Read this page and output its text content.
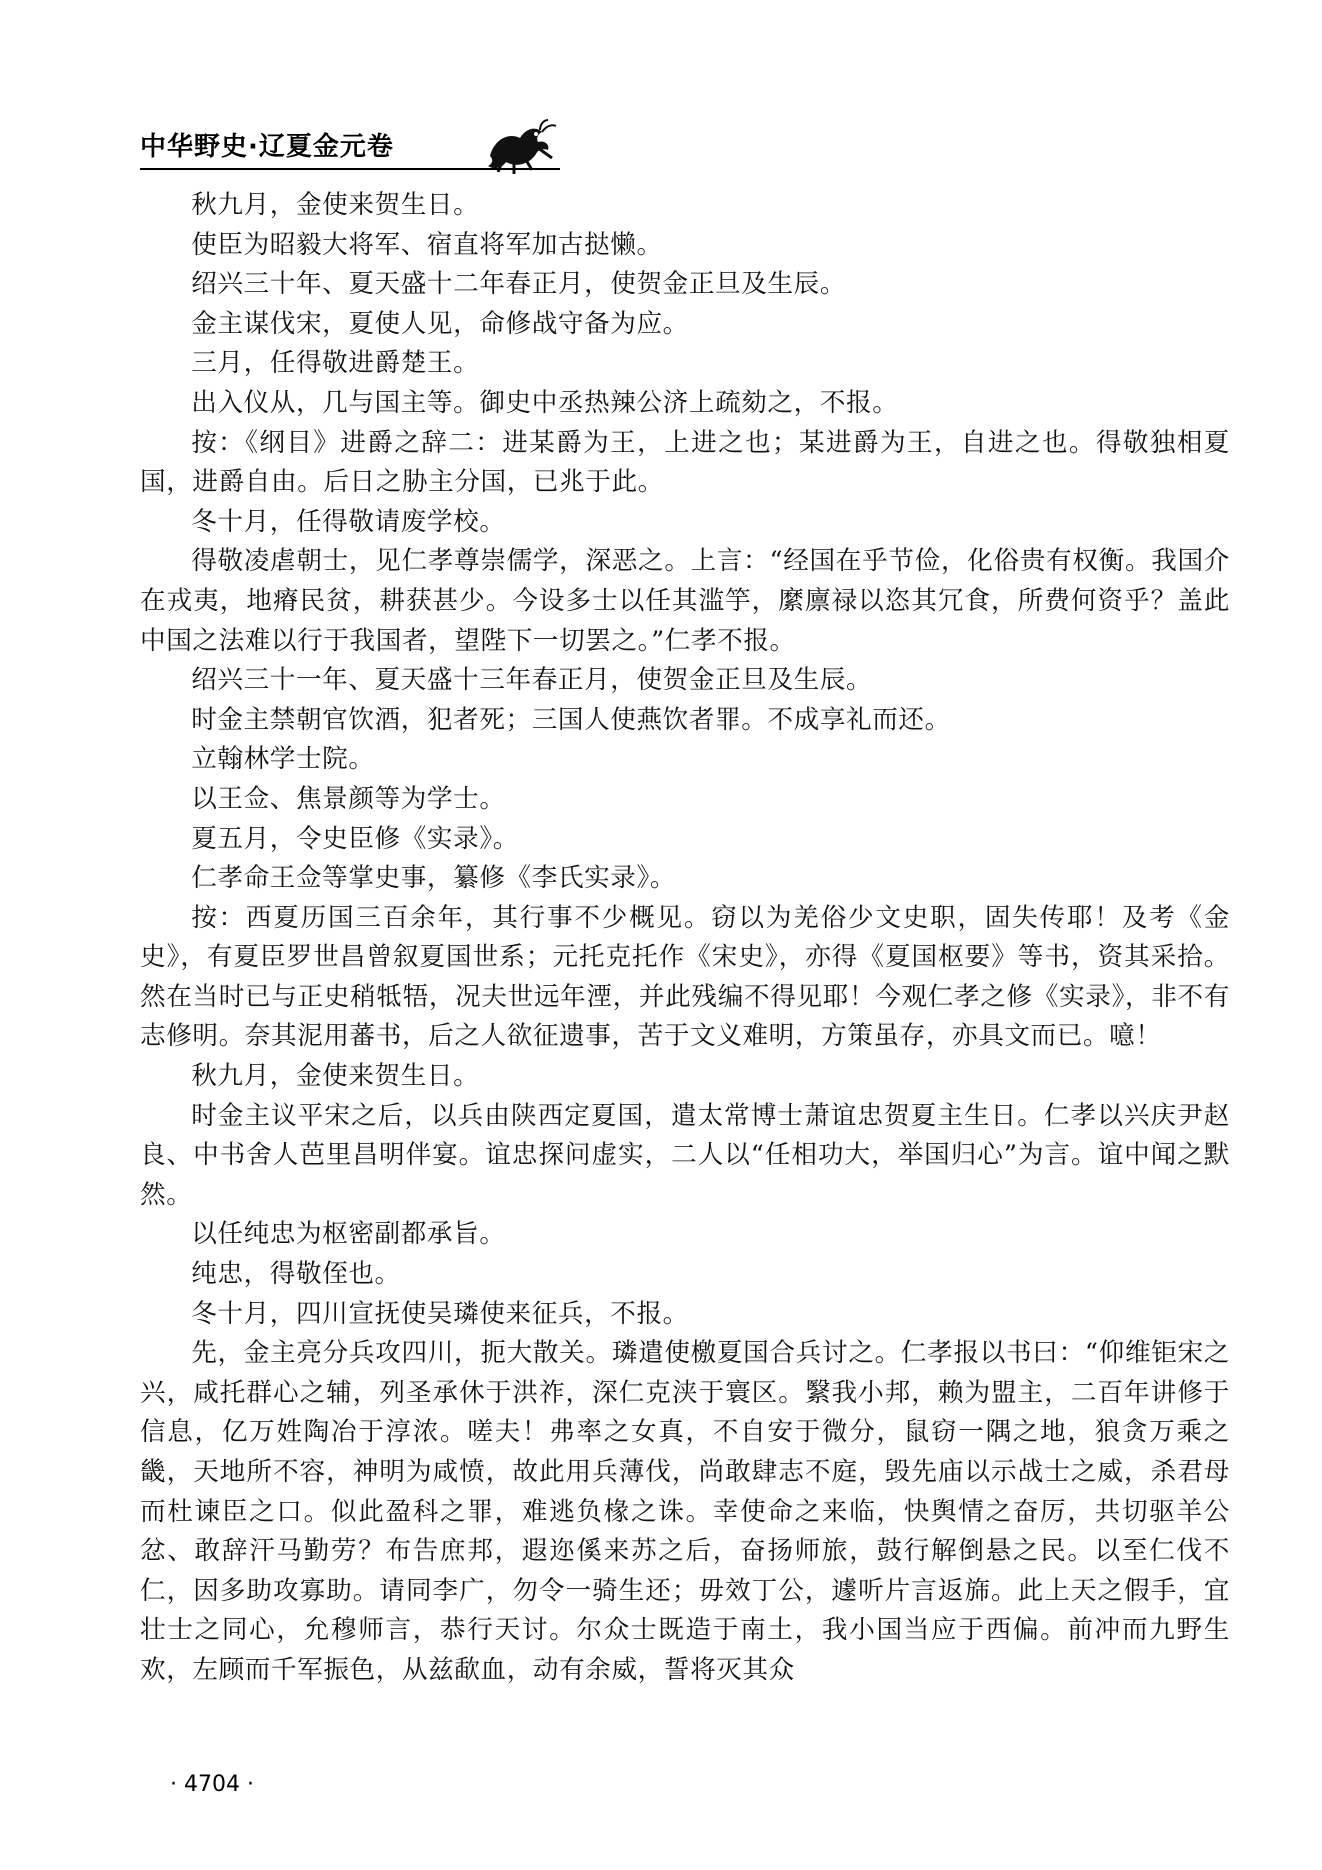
中华野史·辽夏金元卷

秋九月，金使来贺生日。

使臣为昭毅大将军、宿直将军加古挞懒。

绍兴三十年、夏天盛十二年春正月，使贺金正旦及生辰。

金主谋伐宋，夏使人见，命修战守备为应。

三月，任得敬进爵楚王。

出入仪从，几与国主等。御史中丞热辣公济上疏劾之，不报。

按：《纲目》进爵之辞二：进某爵为王，上进之也；某进爵为王，自进之也。得敬独相夏国，进爵自由。后日之胁主分国，已兆于此。

冬十月，任得敬请废学校。

得敬凌虐朝士，见仁孝尊崇儒学，深恶之。上言：“经国在乎节俭，化俗贵有权衡。我国介在戎夷，地瘠民贫，耕获甚少。今设多士以任其滥竽，縻廪禄以恣其冗食，所费何资乎？盖此中国之法难以行于我国者，望陛下一切罢之。”仁孝不报。

绍兴三十一年、夏天盛十三年春正月，使贺金正旦及生辰。

时金主禁朝官饮酒，犯者死；三国人使燕饮者罪。不成享礼而还。

立翰林学士院。

以王佥、焦景颜等为学士。

夏五月，令史臣修《实录》。

仁孝命王佥等掌史事，纂修《李氏实录》。

按：西夏历国三百余年，其行事不少概见。窃以为羌俗少文史职，固失传耶！及考《金史》，有夏臣罗世昌曾叙夏国世系；元托克托作《宋史》，亦得《夏国枢要》等书，资其采拾。然在当时已与正史稍牴牾，况夫世远年湮，并此残编不得见耶！今观仁孝之修《实录》，非不有志修明。奈其泥用蕃书，后之人欲征遗事，苦于文义难明，方策虽存，亦具文而已。噫！

秋九月，金使来贺生日。

时金主议平宋之后，以兵由陕西定夏国，遣太常博士萧谊忠贺夏主生日。仁孝以兴庆尹赵良、中书舍人芭里昌明伴宴。谊忠探问虚实，二人以“任相功大，举国归心”为言。谊中闻之默然。

以任纯忠为枢密副都承旨。

纯忠，得敬侄也。

冬十月，四川宣抚使吴璘使来征兵，不报。

先，金主亮分兵攻四川，扼大散关。璘遣使檄夏国合兵讨之。仁孝报以书曰：“仰维钜宋之兴，咸托群心之辅，列圣承休于洪祚，深仁克浃于寰区。繄我小邦，赖为盟主，二百年讲修于信息，亿万姓陶冶于淳浓。嗟夫！弗率之女真，不自安于微分，鼠窃一隅之地，狼贪万乘之畿，天地所不容，神明为咸愤，故此用兵薄伐，尚敢肆志不庭，毁先庙以示战士之威，杀君母而杜谏臣之口。似此盈科之罪，难逃负椽之诛。幸使命之来临，快舆情之奋厉，共切驱羊公忿、敢辞汗马勤劳？布告庶邦，遐迩傒来苏之后，奋扬师旅，鼓行解倒悬之民。以至仁伐不仁，因多助攻寡助。请同李广，勿令一骑生还；毋效丁公，遽听片言返旆。此上天之假手，宜壮士之同心，允穆师言，恭行天讨。尔众士既造于南土，我小国当应于西偏。前冲而九野生欢，左顾而千军振色，从兹歃血，动有余威，誓将灭其众

· 4704 ·
